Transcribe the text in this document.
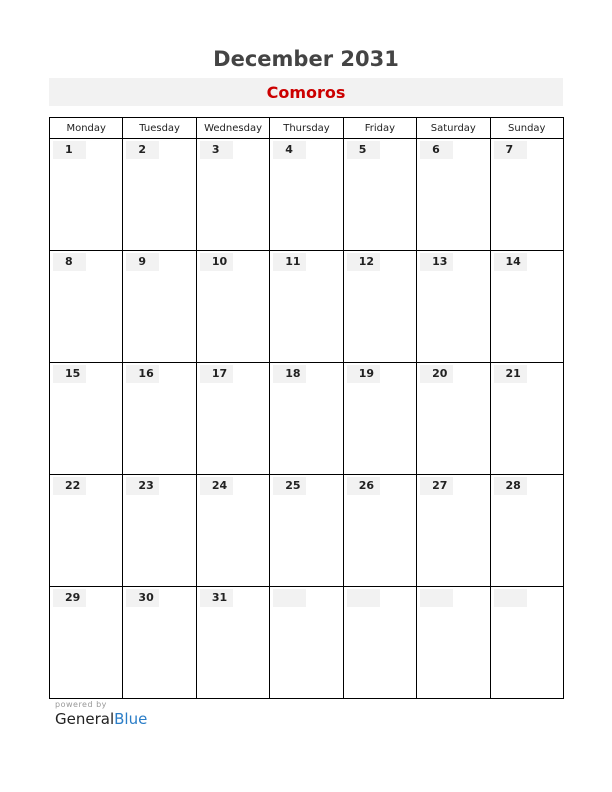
December 2031
Comoros
Monday	Tuesday	Wednesday	Thursday	Friday	Saturday	Sunday

1	2	3	4	5	6	7

8	9	10	11	12	13	14

15	16	17	18	19	20	21

22	23	24	25	26	27	28

29	30	31				

powered by
GeneralBlue
